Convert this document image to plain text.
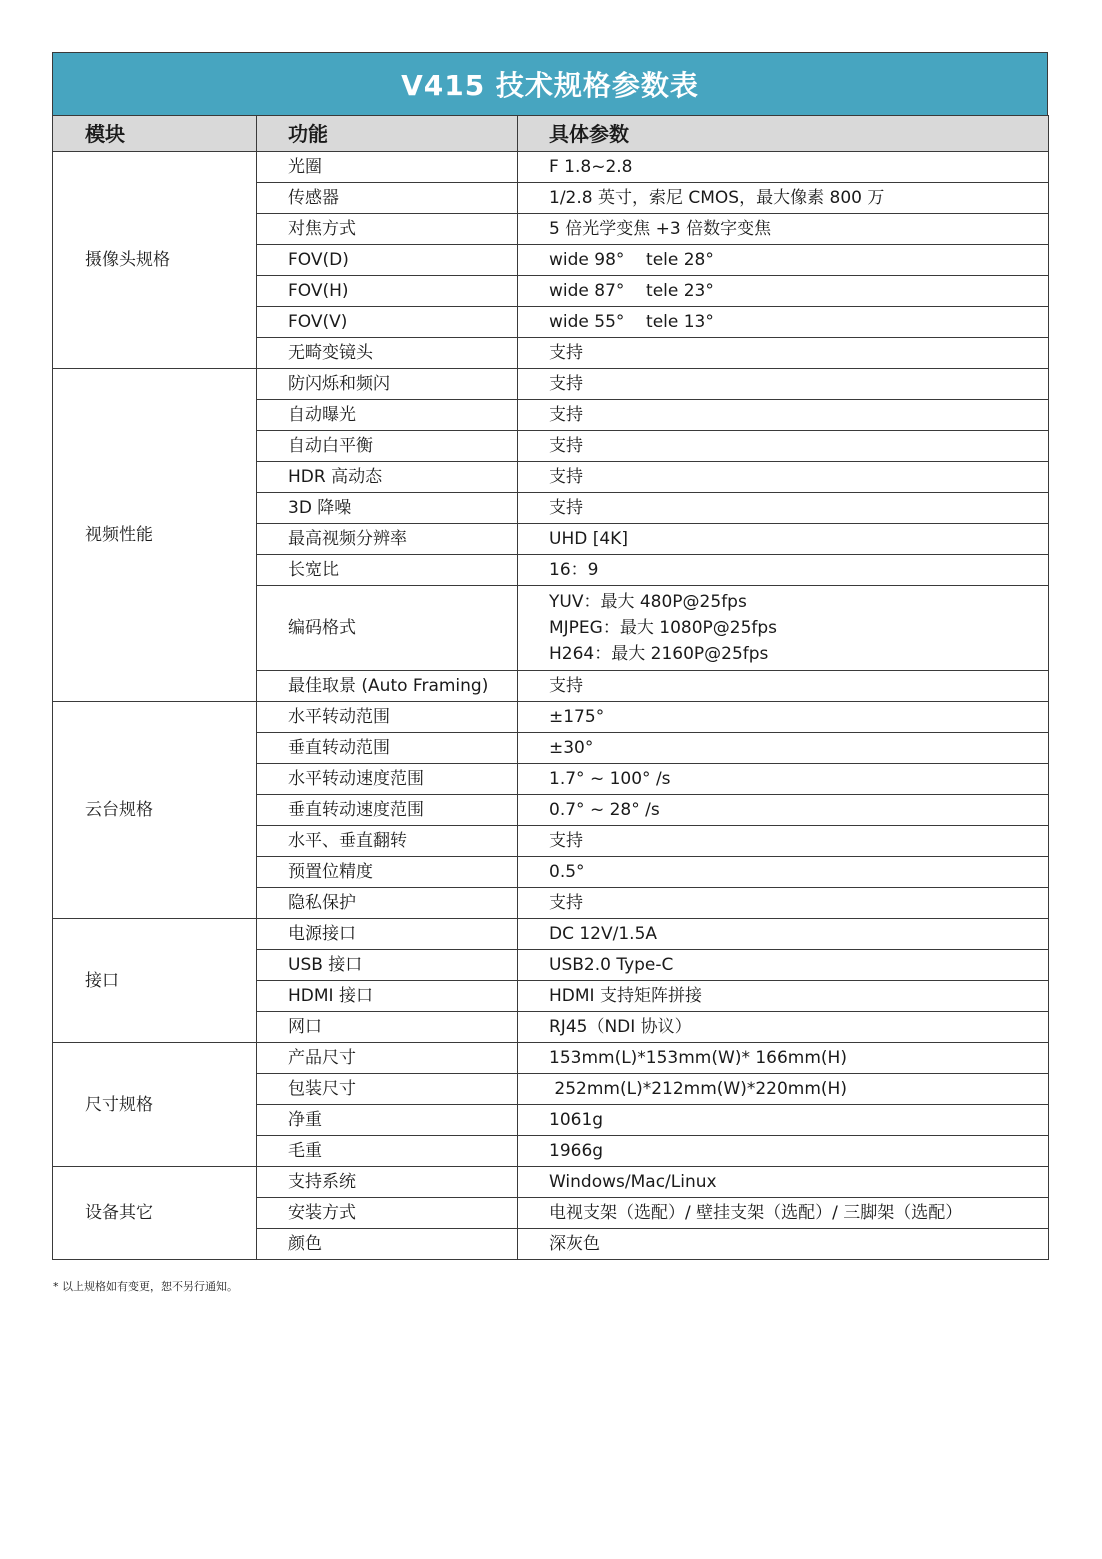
V415 技术规格参数表
模块	功能	具体参数
摄像头规格	光圈	F 1.8~2.8
	传感器	1/2.8 英寸，索尼 CMOS，最大像素 800 万
	对焦方式	5 倍光学变焦 +3 倍数字变焦
	FOV(D)	wide 98°    tele 28°
	FOV(H)	wide 87°    tele 23°
	FOV(V)	wide 55°    tele 13°
	无畸变镜头	支持
视频性能	防闪烁和频闪	支持
	自动曝光	支持
	自动白平衡	支持
	HDR 高动态	支持
	3D 降噪	支持
	最高视频分辨率	UHD [4K]
	长宽比	16：9
	编码格式	YUV：最大 480P@25fps
MJPEG：最大 1080P@25fps
H264：最大 2160P@25fps

	最佳取景 (Auto Framing)	支持
云台规格	水平转动范围	±175°
	垂直转动范围	±30°
	水平转动速度范围	1.7° ~ 100° /s
	垂直转动速度范围	0.7° ~ 28° /s
	水平、垂直翻转	支持
	预置位精度	0.5°
	隐私保护	支持
接口	电源接口	DC 12V/1.5A
	USB 接口	USB2.0 Type-C
	HDMI 接口	HDMI 支持矩阵拼接
	网口	RJ45（NDI 协议）
尺寸规格	产品尺寸	153mm(L)*153mm(W)* 166mm(H)
	包装尺寸	252mm(L)*212mm(W)*220mm(H)
	净重	1061g
	毛重	1966g
设备其它	支持系统	Windows/Mac/Linux
	安装方式	电视支架（选配）/ 壁挂支架（选配）/ 三脚架（选配）
	颜色	深灰色
* 以上规格如有变更，恕不另行通知。
